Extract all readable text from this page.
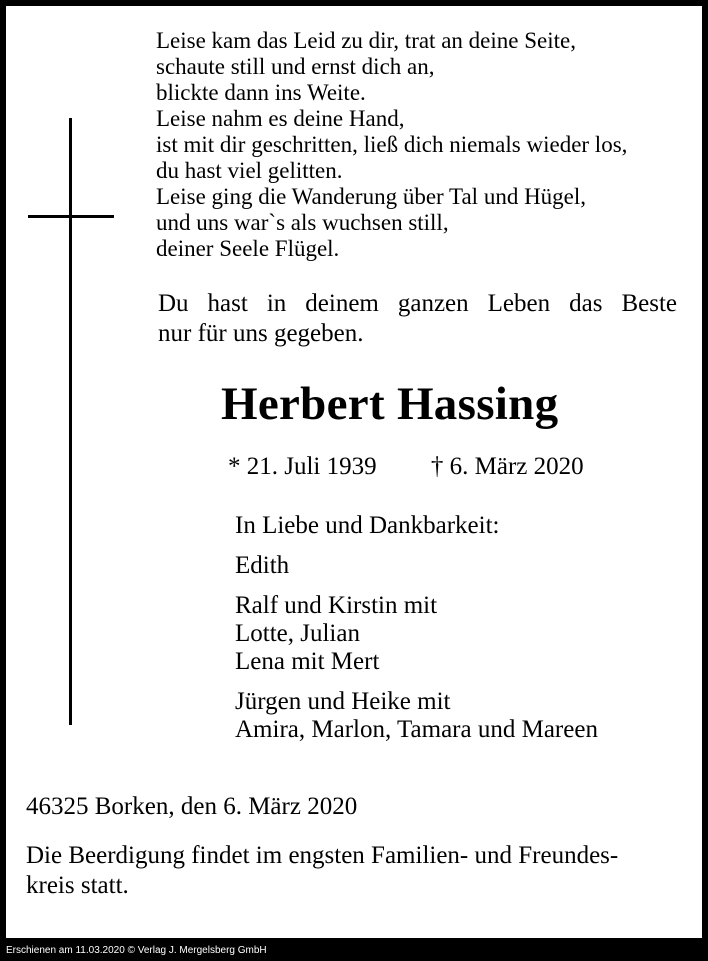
Leise kam das Leid zu dir, trat an deine Seite,
schaute still und ernst dich an,
blickte dann ins Weite.
Leise nahm es deine Hand,
ist mit dir geschritten, ließ dich niemals wieder los,
du hast viel gelitten.
Leise ging die Wanderung über Tal und Hügel,
und uns war`s als wuchsen still,
deiner Seele Flügel.
Du hast in deinem ganzen Leben das Beste
nur für uns gegeben.
Herbert Hassing
* 21. Juli 1939 † 6. März 2020
In Liebe und Dankbarkeit:
Edith
Ralf und Kirstin mit
Lotte, Julian
Lena mit Mert
Jürgen und Heike mit
Amira, Marlon, Tamara und Mareen
46325 Borken, den 6. März 2020
Die Beerdigung findet im engsten Familien- und Freundes-
kreis statt.
Erschienen am 11.03.2020 © Verlag J. Mergelsberg GmbH
